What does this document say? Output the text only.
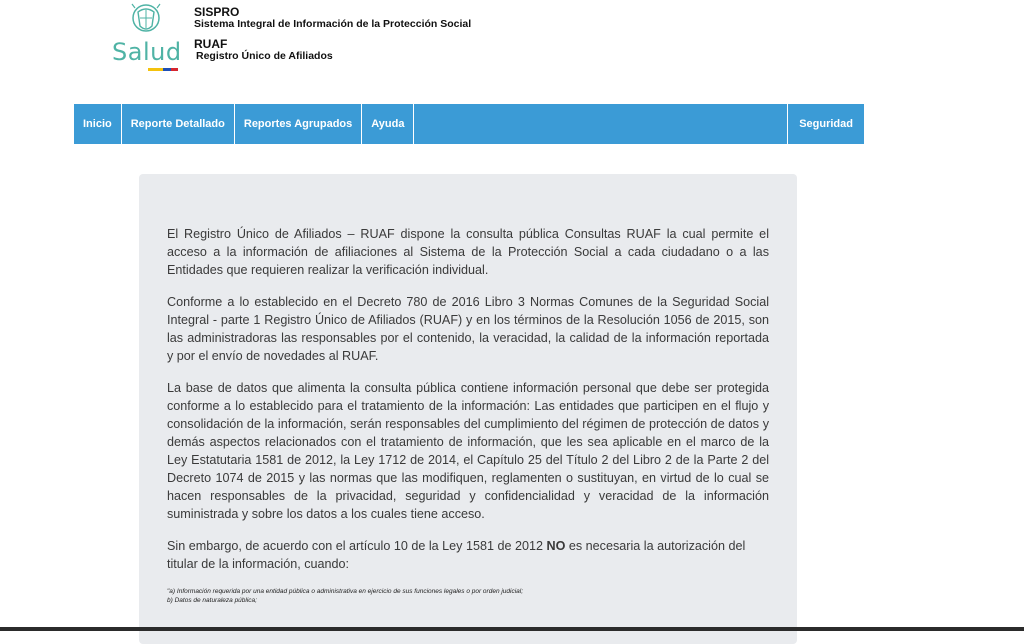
Salud
SISPRO
Sistema Integral de Información de la Protección Social
RUAF
Registro Único de Afiliados
Inicio	Reporte Detallado	Reportes Agrupados	Ayuda	Seguridad

El Registro Único de Afiliados – RUAF dispone la consulta pública Consultas RUAF la cual permite el acceso a la información de afiliaciones al Sistema de la Protección Social a cada ciudadano o a las Entidades que requieren realizar la verificación individual.

Conforme a lo establecido en el Decreto 780 de 2016 Libro 3 Normas Comunes de la Seguridad Social Integral - parte 1 Registro Único de Afiliados (RUAF) y en los términos de la Resolución 1056 de 2015, son las administradoras las responsables por el contenido, la veracidad, la calidad de la información reportada y por el envío de novedades al RUAF.

La base de datos que alimenta la consulta pública contiene información personal que debe ser protegida conforme a lo establecido para el tratamiento de la información: Las entidades que participen en el flujo y consolidación de la información, serán responsables del cumplimiento del régimen de protección de datos y demás aspectos relacionados con el tratamiento de información, que les sea aplicable en el marco de la Ley Estatutaria 1581 de 2012, la Ley 1712 de 2014, el Capítulo 25 del Título 2 del Libro 2 de la Parte 2 del Decreto 1074 de 2015 y las normas que las modifiquen, reglamenten o sustituyan, en virtud de lo cual se hacen responsables de la privacidad, seguridad y confidencialidad y veracidad de la información suministrada y sobre los datos a los cuales tiene acceso.

Sin embargo, de acuerdo con el artículo 10 de la Ley 1581 de 2012 NO es necesaria la autorización del titular de la información, cuando:

"a) Información requerida por una entidad pública o administrativa en ejercicio de sus funciones legales o por orden judicial;

b) Datos de naturaleza pública;
